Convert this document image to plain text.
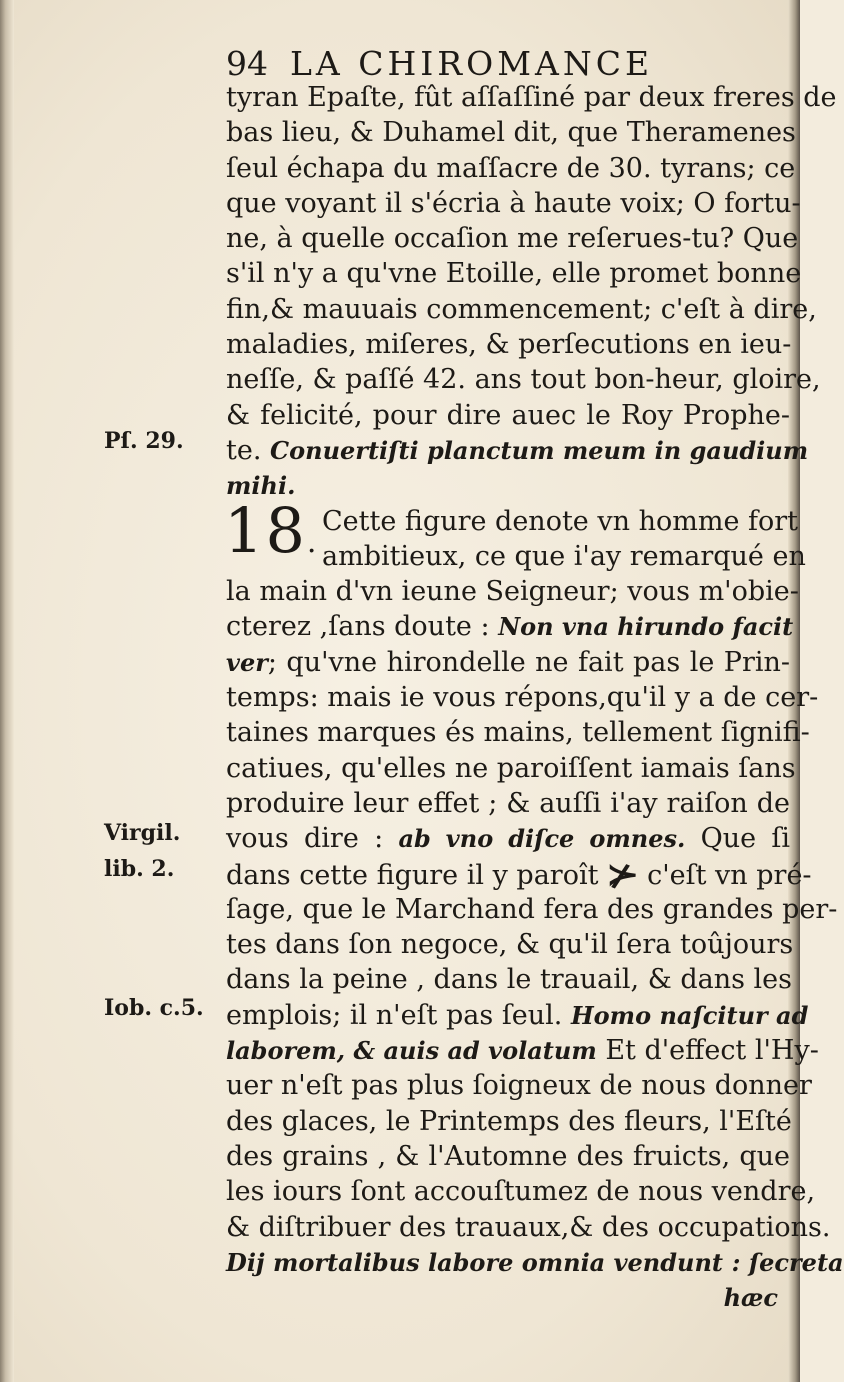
94 LA CHIROMANCE
Pſ. 29.
Virgil.
lib. 2.
Iob. c.5.
18.
tyran Epaſte, fût aſſaſſiné par deux freres de
bas lieu, & Duhamel dit, que Theramenes
ſeul échapa du maſſacre de 30. tyrans; ce
que voyant il s'écria à haute voix; O fortu-
ne, à quelle occaſion me reſerues-tu? Que
s'il n'y a qu'vne Etoille, elle promet bonne
fin,& mauuais commencement; c'eſt à dire,
maladies, miſeres, & perſecutions en ieu-
neſſe, & paſſé 42. ans tout bon-heur, gloire,
& felicité, pour dire auec le Roy Prophe-
te. Conuertiſti planctum meum in gaudium
mihi.
Cette figure denote vn homme fort
ambitieux, ce que i'ay remarqué en
la main d'vn ieune Seigneur; vous m'obie-
cterez ,ſans doute : Non vna hirundo facit
ver; qu'vne hirondelle ne fait pas le Prin-
temps: mais ie vous répons,qu'il y a de cer-
taines marques és mains, tellement ſignifi-
catiues, qu'elles ne paroiſſent iamais ſans
produire leur effet ; & auſſi i'ay raiſon de
vous dire : ab vno diſce omnes. Que ſi
dans cette figure il y paroît ⊁ c'eſt vn pré-
ſage, que le Marchand fera des grandes per-
tes dans ſon negoce, & qu'il ſera toûjours
dans la peine , dans le trauail, & dans les
emplois; il n'eſt pas ſeul. Homo naſcitur ad
laborem, & auis ad volatum Et d'effect l'Hy-
uer n'eſt pas plus ſoigneux de nous donner
des glaces, le Printemps des fleurs, l'Eſté
des grains , & l'Automne des fruicts, que
les iours ſont accouſtumez de nous vendre,
& diſtribuer des trauaux,& des occupations.
Dij mortalibus labore omnia vendunt : ſecreta
hæc
